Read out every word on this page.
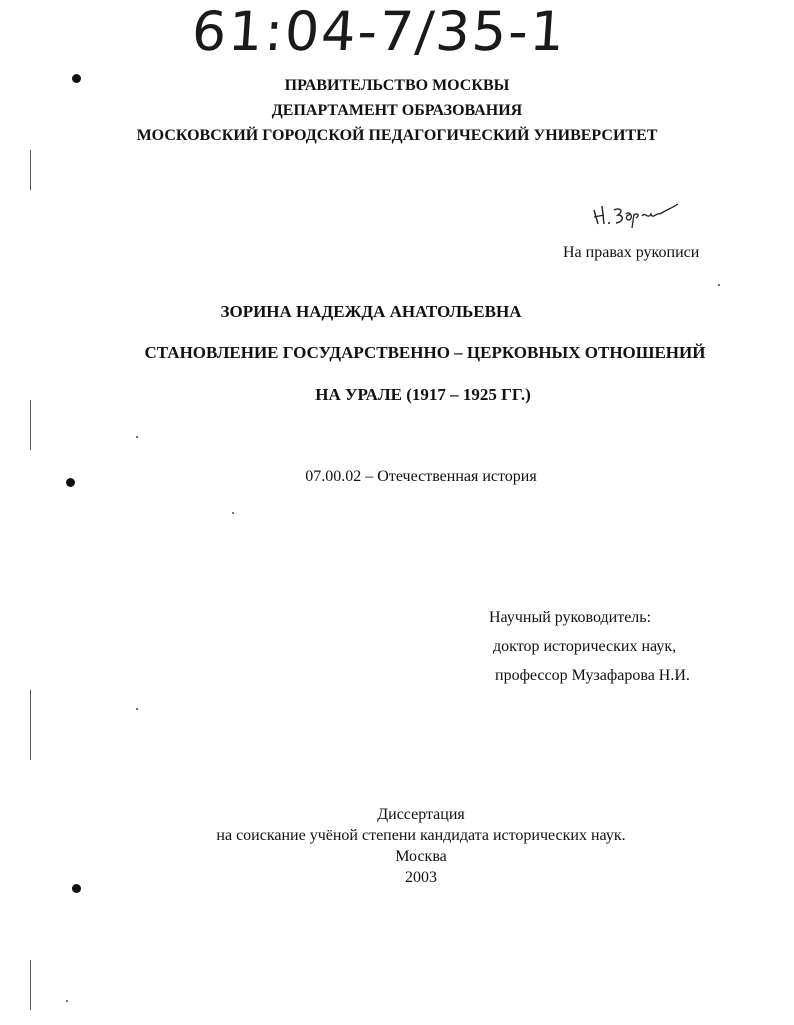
61:04-7/35-1
ПРАВИТЕЛЬСТВО МОСКВЫ
ДЕПАРТАМЕНТ ОБРАЗОВАНИЯ
МОСКОВСКИЙ ГОРОДСКОЙ ПЕДАГОГИЧЕСКИЙ УНИВЕРСИТЕТ
На правах рукописи
ЗОРИНА НАДЕЖДА АНАТОЛЬЕВНА
СТАНОВЛЕНИЕ ГОСУДАРСТВЕННО – ЦЕРКОВНЫХ ОТНОШЕНИЙ
НА УРАЛЕ (1917 – 1925 ГГ.)
07.00.02 – Отечественная история
Научный руководитель:
доктор исторических наук,
профессор Музафарова Н.И.
Диссертация
на соискание учёной степени кандидата исторических наук.
Москва
2003
